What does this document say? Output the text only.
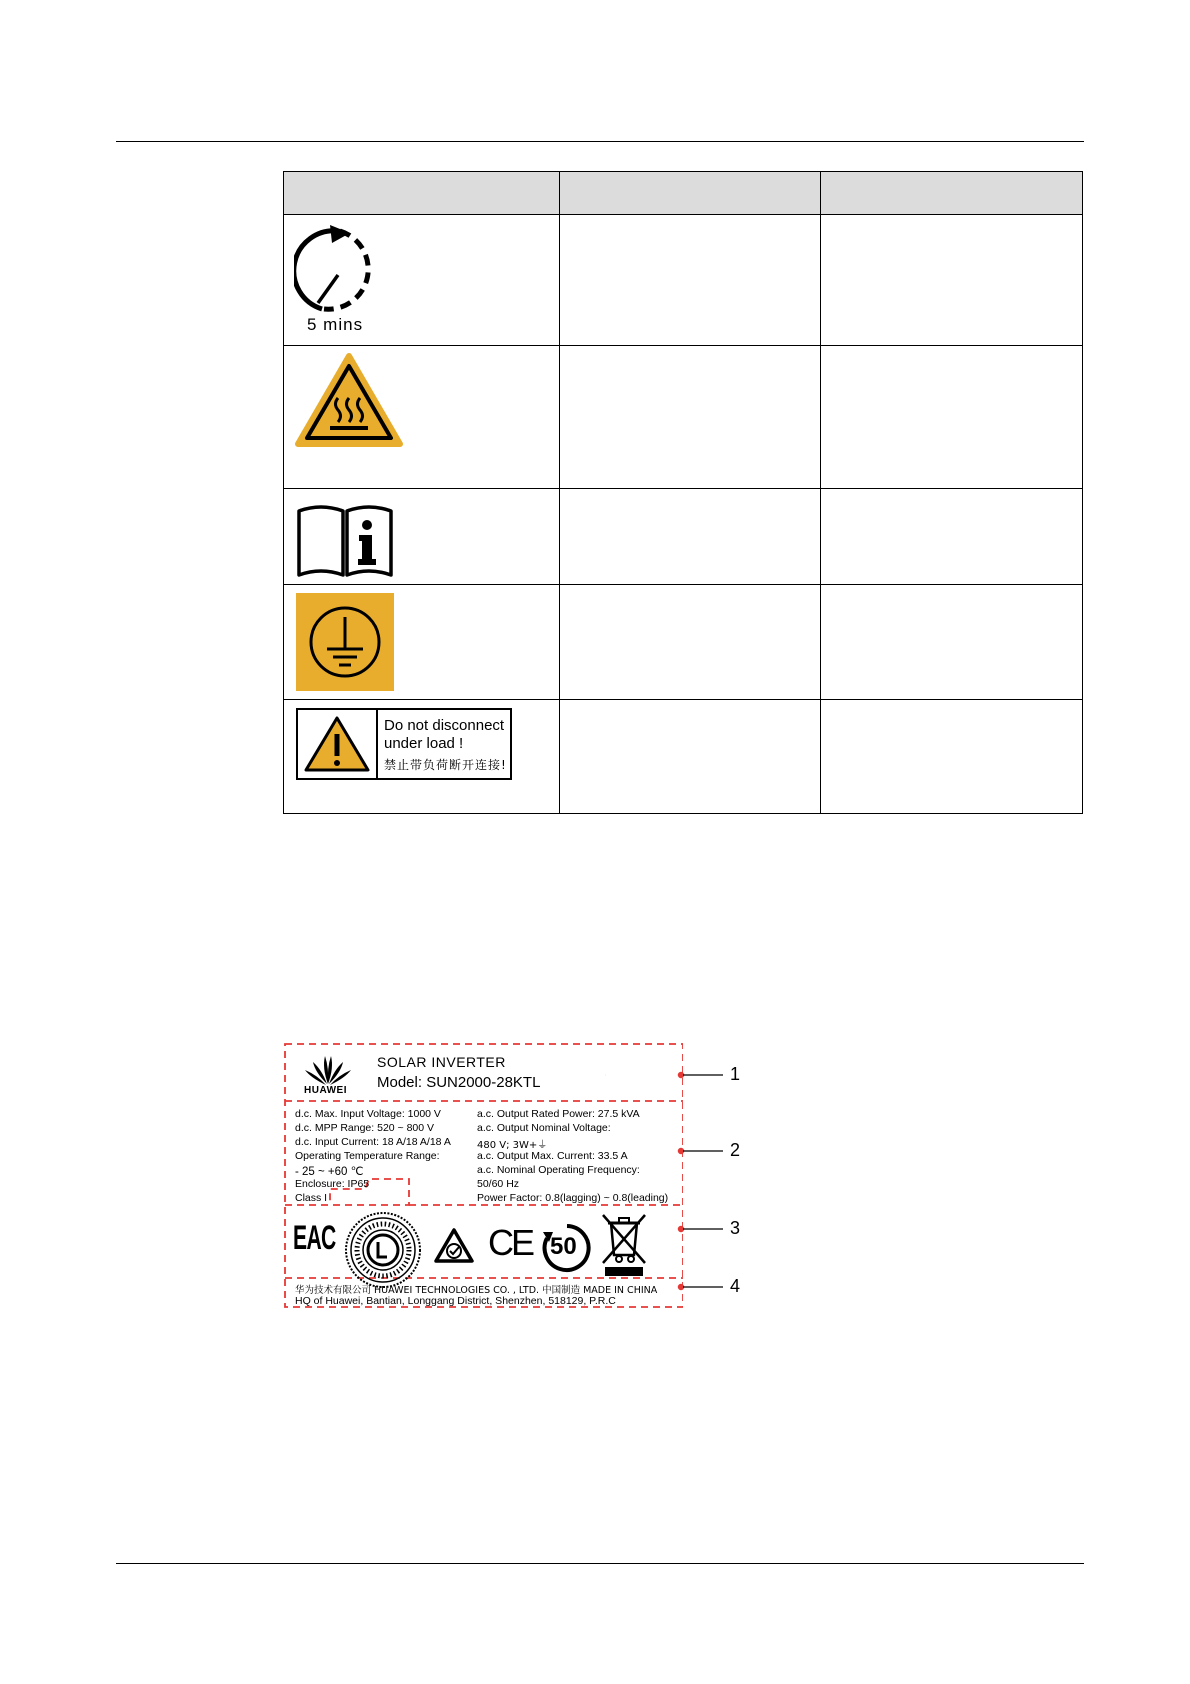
5 mins		

Do not disconnect
under load !
禁止带负荷断开连接!		

HUAWEI
SOLAR INVERTER
Model: SUN2000-28KTL
d.c. Max. Input Voltage: 1000 V
d.c. MPP Range: 520 ~ 800 V
d.c. Input Current: 18 A/18 A/18 A
Operating Temperature Range:
- 25 ~ +60 ℃
Enclosure: IP65
Class I
a.c. Output Rated Power: 27.5 kVA
a.c. Output Nominal Voltage:
480 V; 3W+⏚
a.c. Output Max. Current: 33.5 A
a.c. Nominal Operating Frequency:
50/60 Hz
Power Factor: 0.8(lagging) ~ 0.8(leading)
EAC	CE 50
华为技术有限公司 HUAWEI TECHNOLOGIES CO. , LTD. 中国制造 MADE IN CHINA
HQ of Huawei, Bantian, Longgang District, Shenzhen, 518129, P.R.C
1
2
3
4
